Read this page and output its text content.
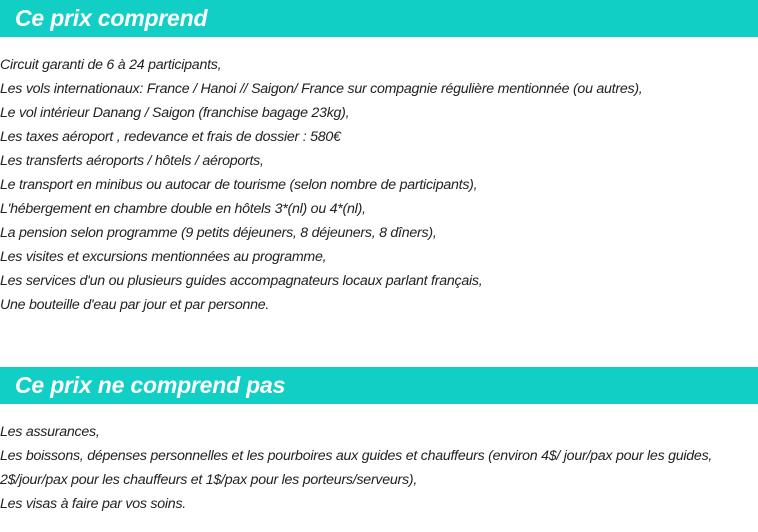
Ce prix comprend
Circuit garanti de 6 à 24 participants,
Les vols internationaux: France / Hanoi // Saigon/ France sur compagnie régulière mentionnée (ou autres),
Le vol intérieur Danang / Saigon (franchise bagage 23kg),
Les taxes aéroport , redevance et frais de dossier : 580€
Les transferts aéroports / hôtels / aéroports,
Le transport en minibus ou autocar de tourisme (selon nombre de participants),
L'hébergement en chambre double en hôtels 3*(nl) ou 4*(nl),
La pension selon programme (9 petits déjeuners, 8 déjeuners, 8 dîners),
Les visites et excursions mentionnées au programme,
Les services d'un ou plusieurs guides accompagnateurs locaux parlant français,
Une bouteille d'eau par jour et par personne.
Ce prix ne comprend pas
Les assurances,
Les boissons, dépenses personnelles et les pourboires aux guides et chauffeurs (environ 4$/ jour/pax pour les guides,
2$/jour/pax pour les chauffeurs et 1$/pax pour les porteurs/serveurs),
Les visas à faire par vos soins.
